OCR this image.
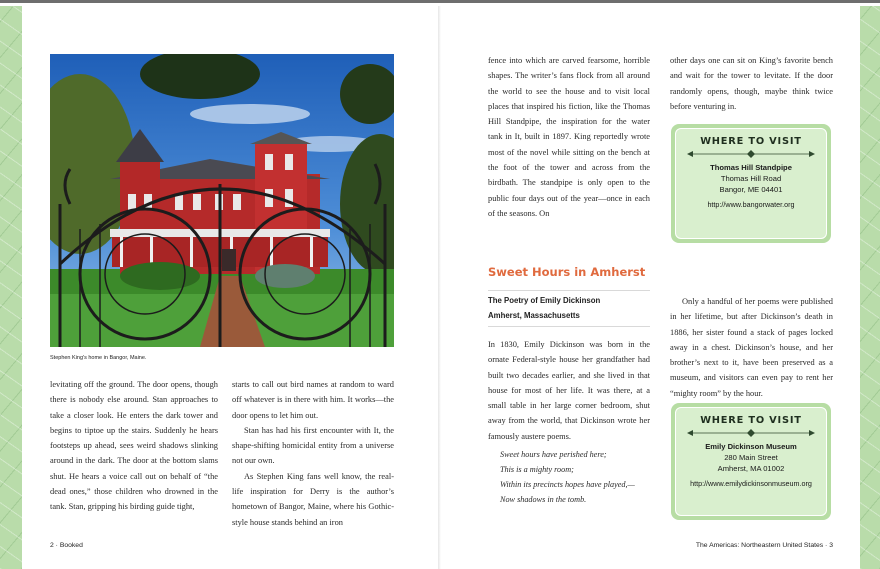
Stephen King's home in Bangor, Maine.

levitating off the ground. The door opens, though there is nobody else around. Stan approaches to take a closer look. He enters the dark tower and begins to tiptoe up the stairs. Suddenly he hears footsteps up ahead, sees weird shadows slinking around in the dark. The door at the bottom slams shut. He hears a voice call out on behalf of “the dead ones,” those children who drowned in the tank. Stan, gripping his birding guide tight,

starts to call out bird names at random to ward off whatever is in there with him. It works—the door opens to let him out.

Stan has had his first encounter with It, the shape-shifting homicidal entity from a universe not our own.

As Stephen King fans well know, the real-life inspiration for Derry is the author’s hometown of Bangor, Maine, where his Gothic-style house stands behind an iron

2 · Booked

fence into which are carved fearsome, horrible shapes. The writer’s fans flock from all around the world to see the house and to visit local places that inspired his fiction, like the Thomas Hill Standpipe, the inspiration for the water tank in It, built in 1897. King reportedly wrote most of the novel while sitting on the bench at the foot of the tower and across from the birdbath. The standpipe is only open to the public four days out of the year—once in each of the seasons. On

other days one can sit on King’s favorite bench and wait for the tower to levitate. If the door randomly opens, though, maybe think twice before venturing in.

WHERE TO VISIT
Thomas Hill Standpipe
Thomas Hill Road
Bangor, ME 04401
http://www.bangorwater.org
Sweet Hours in Amherst
The Poetry of Emily Dickinson
Amherst, Massachusetts

In 1830, Emily Dickinson was born in the ornate Federal-style house her grandfather had built two decades earlier, and she lived in that house for most of her life. It was there, at a small table in her large corner bedroom, shut away from the world, that Dickinson wrote her famously austere poems.

Sweet hours have perished here;
This is a mighty room;
Within its precincts hopes have played,—
Now shadows in the tomb.

Only a handful of her poems were published in her lifetime, but after Dickinson’s death in 1886, her sister found a stack of pages locked away in a chest. Dickinson’s house, and her brother’s next to it, have been preserved as a museum, and visitors can even pay to rent her “mighty room” by the hour.

WHERE TO VISIT
Emily Dickinson Museum
280 Main Street
Amherst, MA 01002
http://www.emilydickinsonmuseum.org
The Americas: Northeastern United States · 3
